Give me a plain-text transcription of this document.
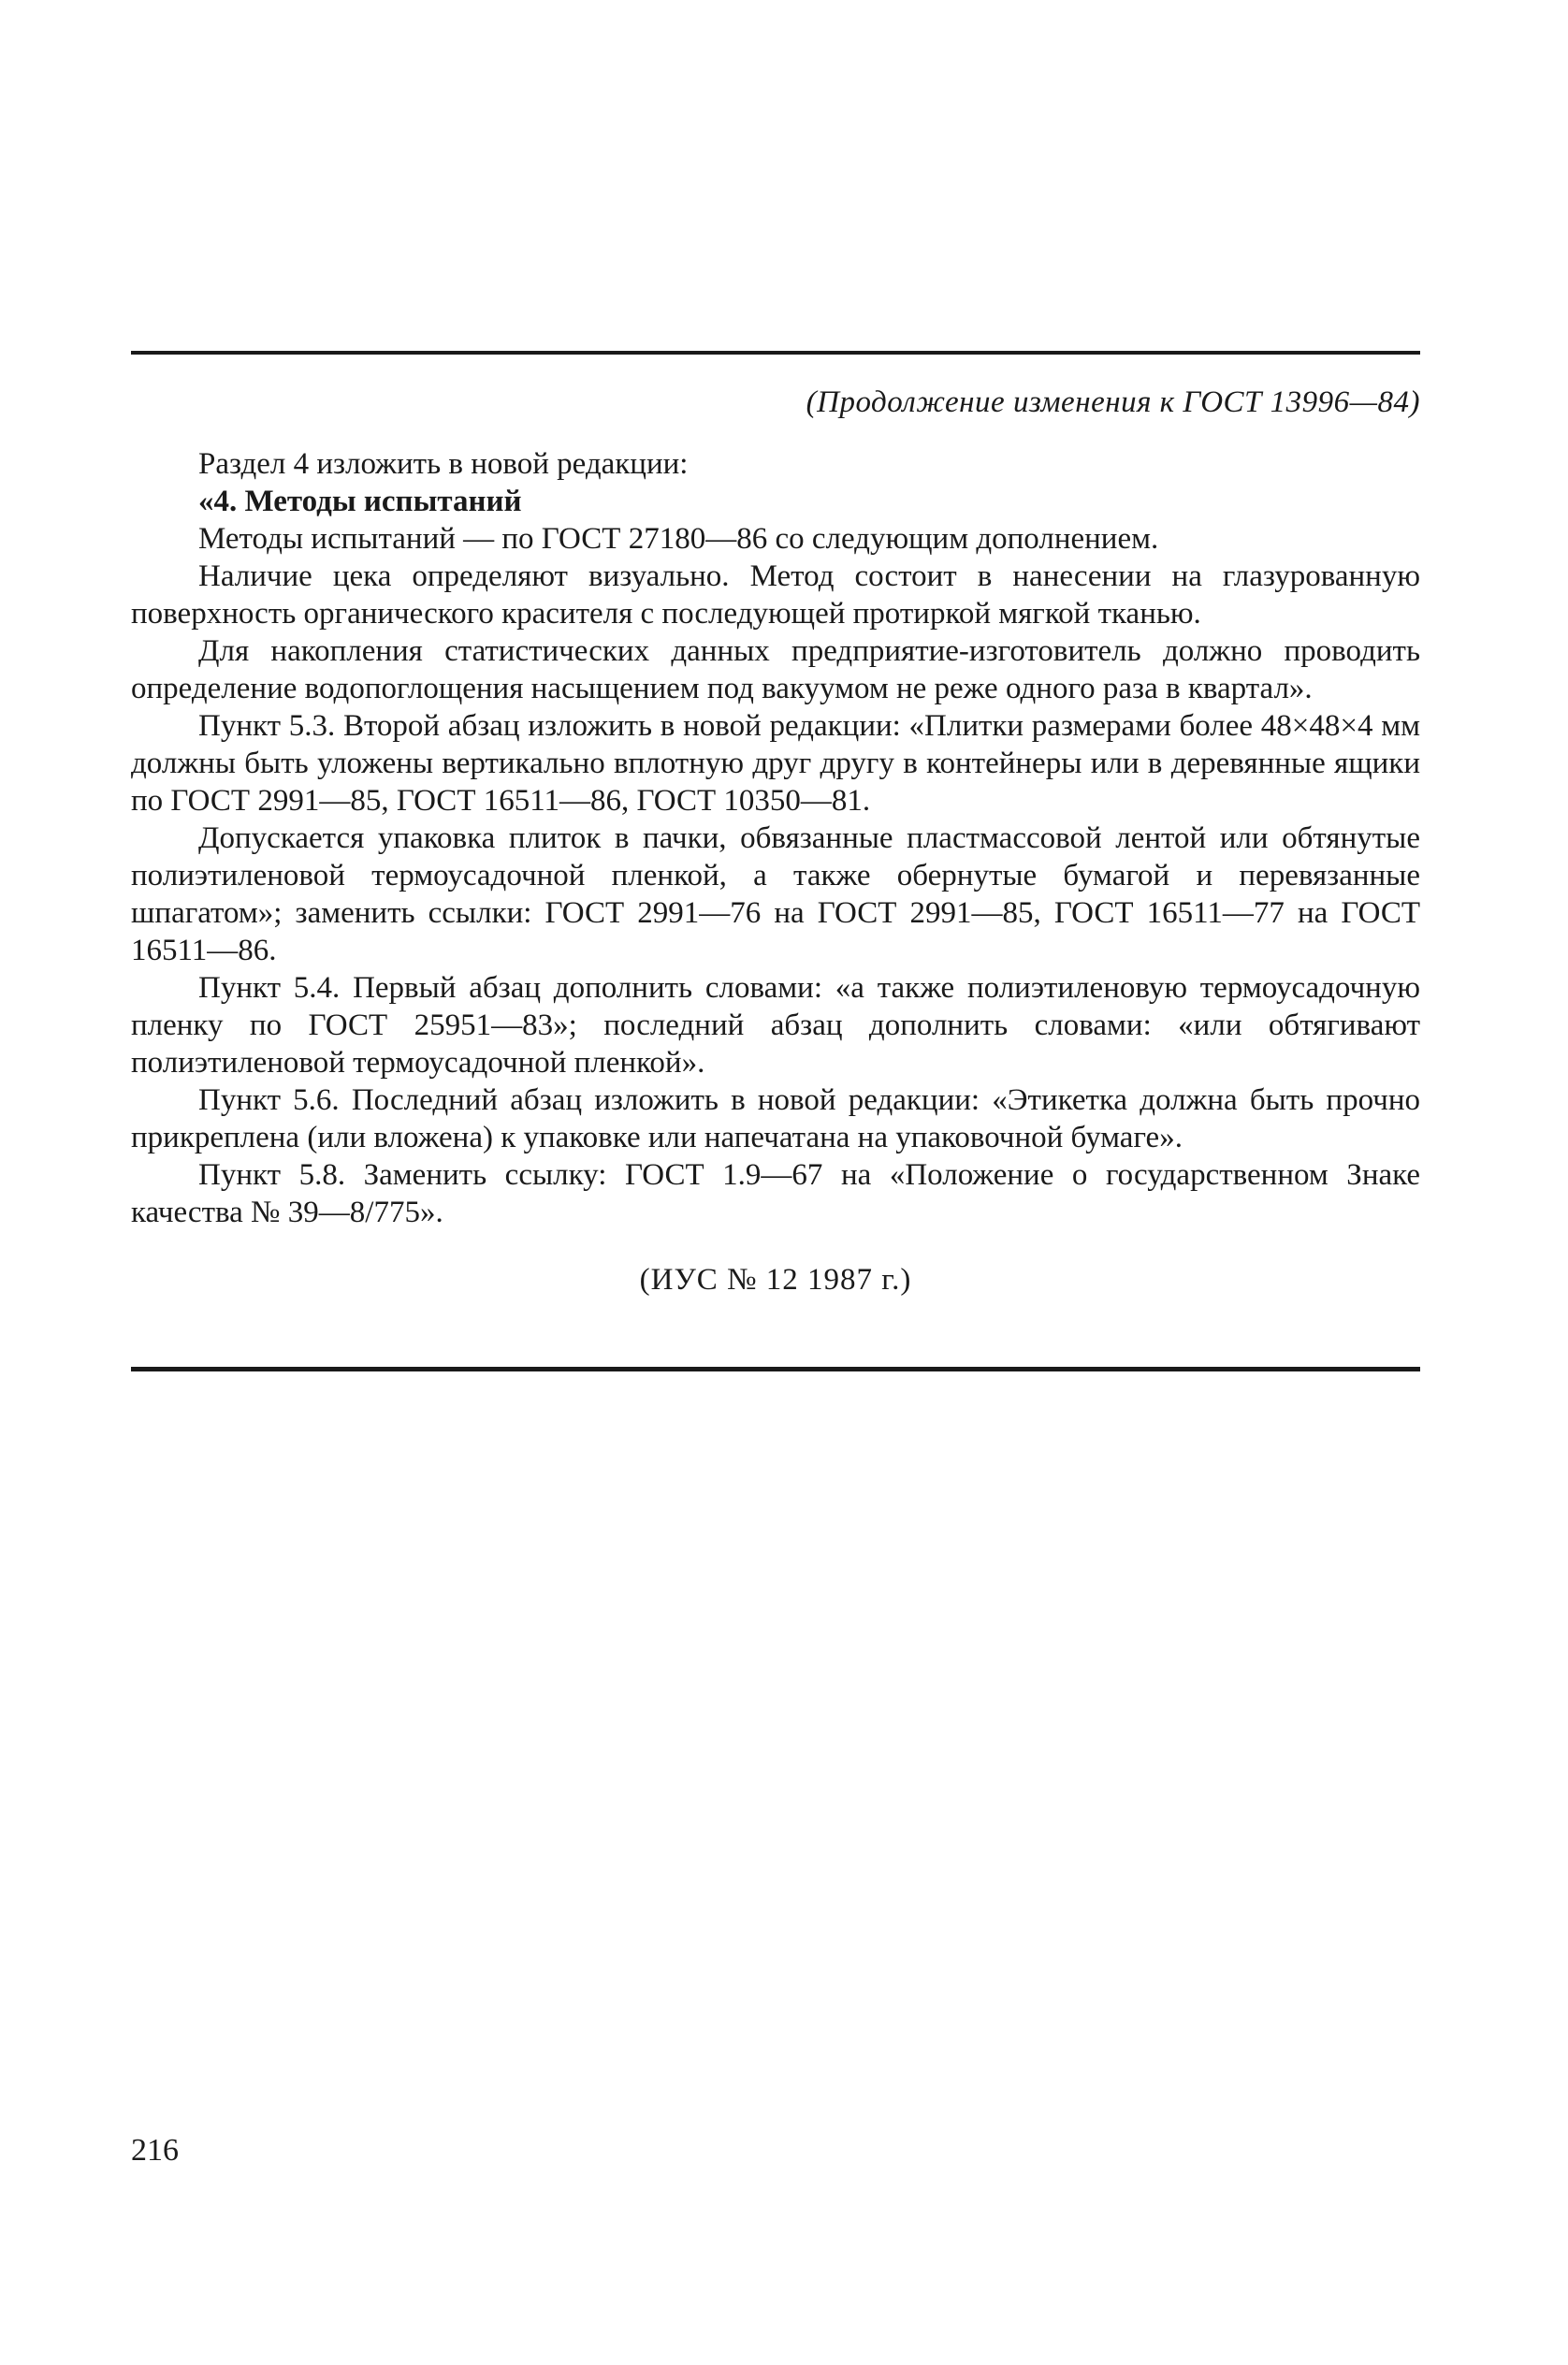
(Продолжение изменения к ГОСТ 13996—84)

Раздел 4 изложить в новой редакции:

«4. Методы испытаний

Методы испытаний — по ГОСТ 27180—86 со следующим дополнением.

Наличие цека определяют визуально. Метод состоит в нанесении на глазурованную поверхность органического красителя с последующей протиркой мягкой тканью.

Для накопления статистических данных предприятие-изготовитель должно проводить определение водопоглощения насыщением под вакуумом не реже одного раза в квартал».

Пункт 5.3. Второй абзац изложить в новой редакции: «Плитки размерами более 48×48×4 мм должны быть уложены вертикально вплотную друг другу в контейнеры или в деревянные ящики по ГОСТ 2991—85, ГОСТ 16511—86, ГОСТ 10350—81.

Допускается упаковка плиток в пачки, обвязанные пластмассовой лентой или обтянутые полиэтиленовой термоусадочной пленкой, а также обернутые бумагой и перевязанные шпагатом»; заменить ссылки: ГОСТ 2991—76 на ГОСТ 2991—85, ГОСТ 16511—77 на ГОСТ 16511—86.

Пункт 5.4. Первый абзац дополнить словами: «а также полиэтиленовую термоусадочную пленку по ГОСТ 25951—83»; последний абзац дополнить словами: «или обтягивают полиэтиленовой термоусадочной пленкой».

Пункт 5.6. Последний абзац изложить в новой редакции: «Этикетка должна быть прочно прикреплена (или вложена) к упаковке или напечатана на упаковочной бумаге».

Пункт 5.8. Заменить ссылку: ГОСТ 1.9—67 на «Положение о государственном Знаке качества № 39—8/775».

(ИУС № 12 1987 г.)
216
